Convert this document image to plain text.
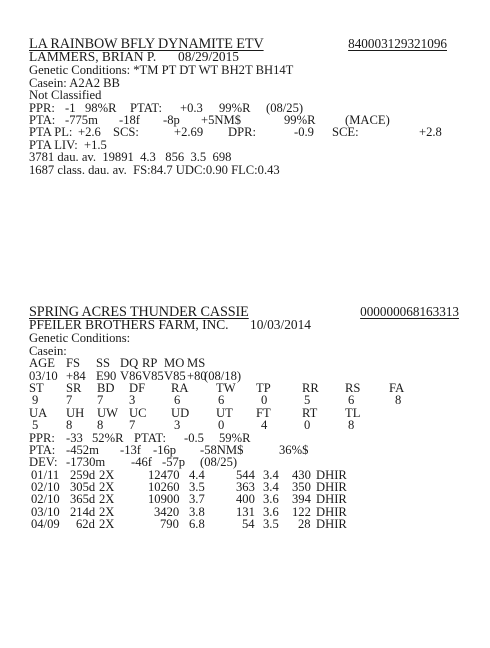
LA RAINBOW BFLY DYNAMITE ETV	840003129321096
LAMMERS, BRIAN P. 08/29/2015
Genetic Conditions: *TM PT DT WT BH2T BH14T
Casein: A2A2 BB
Not Classified
PPR: -1 98%R PTAT: +0.3 99%R (08/25)
PTA: -775m -18f -8p +5NM$	99%R (MACE)
PTA PL: +2.6 SCS:	+2.69 DPR:	-0.9 SCE:	+2.8
PTA LIV: +1.5
3781 dau. av.  19891  4.3   856  3.5  698
1687 class. dau. av.  FS:84.7 UDC:0.90 FLC:0.43
SPRING ACRES THUNDER CASSIE	000000068163313
PFEILER BROTHERS FARM, INC. 10/03/2014
Genetic Conditions:
Casein:
AGE FS SS DQ RP MO MS
03/10 +84 E90 V86 V85 V85 +80
(08/18)
ST SR BD DF RA TW TP RR RS FA
9 7 7 3	6	6	0	5	6	8
UA UH UW UC UD UT FT RT TL
5 8 8 7	3	0	4	0	8
PPR: -33 52%R PTAT: -0.5 59%R
PTA: -452m -13f -16p -58NM$	36%$
DEV: -1730m -46f -57p (08/25)
01/11 259d 2X	12470 4.4 544 3.4 430 DHIR
02/10 305d 2X	10260 3.5 363 3.4 350 DHIR
02/10 365d 2X	10900 3.7 400 3.6 394 DHIR
03/10 214d 2X	3420 3.8 131 3.6 122 DHIR
04/09 62d 2X	790 6.8	54 3.5 28 DHIR
